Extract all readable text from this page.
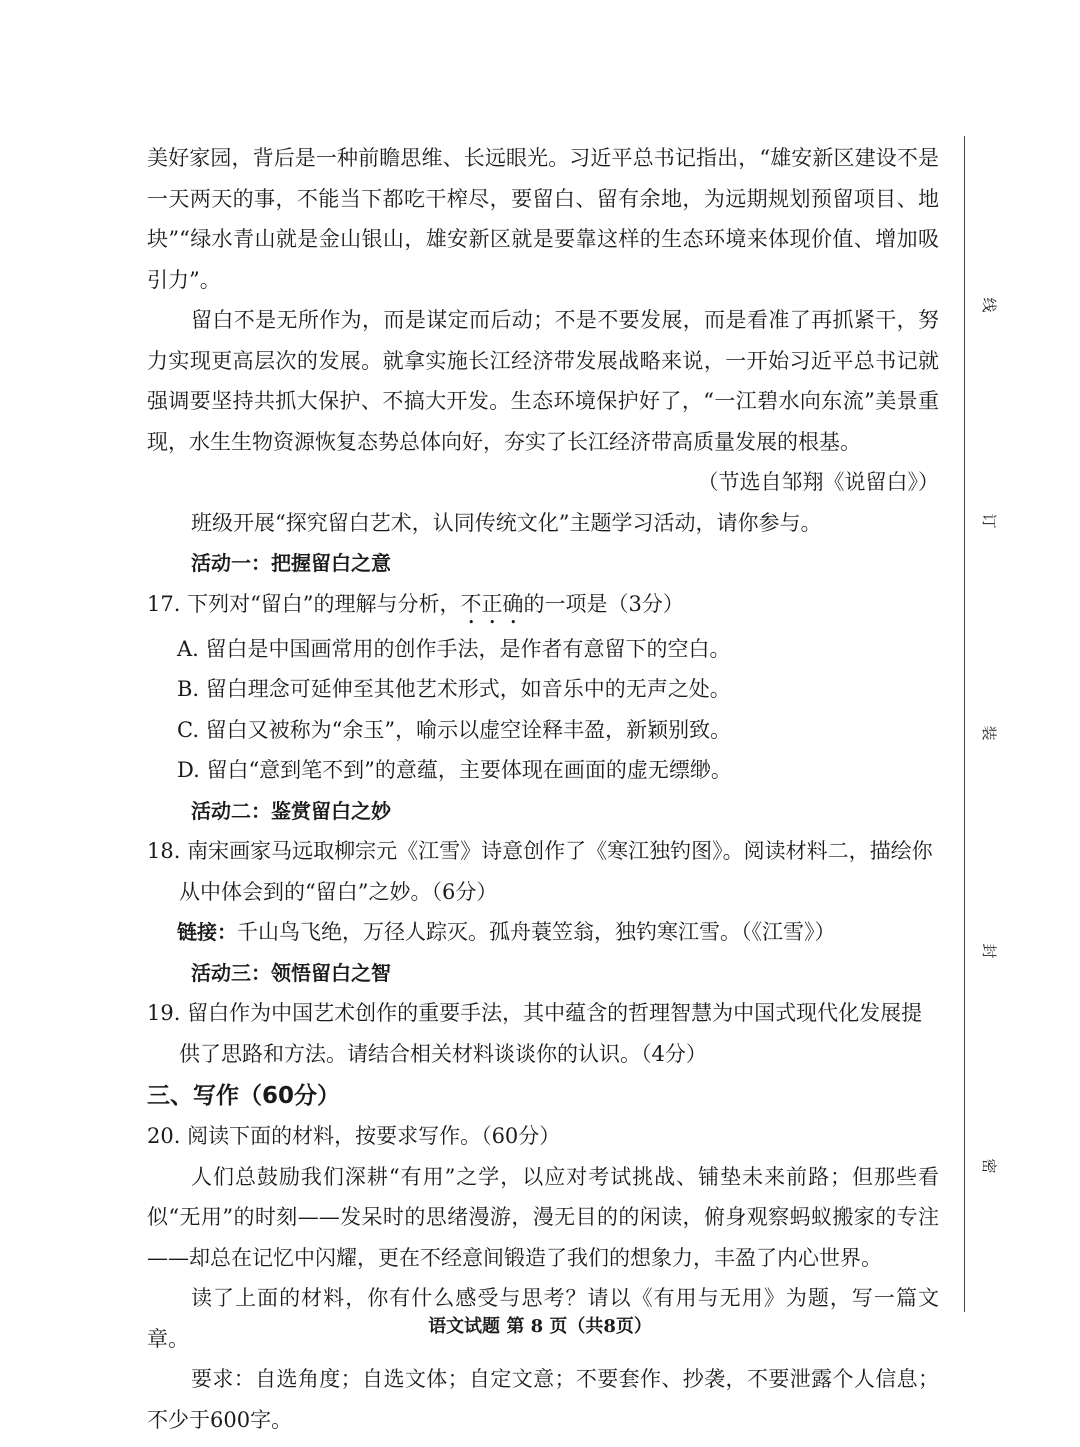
美好家园，背后是一种前瞻思维、长远眼光。习近平总书记指出，“雄安新区建设不是一天两天的事，不能当下都吃干榨尽，要留白、留有余地，为远期规划预留项目、地块”“绿水青山就是金山银山，雄安新区就是要靠这样的生态环境来体现价值、增加吸引力”。

留白不是无所作为，而是谋定而后动；不是不要发展，而是看准了再抓紧干，努力实现更高层次的发展。就拿实施长江经济带发展战略来说，一开始习近平总书记就强调要坚持共抓大保护、不搞大开发。生态环境保护好了，“一江碧水向东流”美景重现，水生生物资源恢复态势总体向好，夯实了长江经济带高质量发展的根基。

（节选自邹翔《说留白》）

班级开展“探究留白艺术，认同传统文化”主题学习活动，请你参与。

活动一：把握留白之意

17. 下列对“留白”的理解与分析，不正确的一项是（3分）

A. 留白是中国画常用的创作手法，是作者有意留下的空白。

B. 留白理念可延伸至其他艺术形式，如音乐中的无声之处。

C. 留白又被称为“余玉”，喻示以虚空诠释丰盈，新颖别致。

D. 留白“意到笔不到”的意蕴，主要体现在画面的虚无缥缈。

活动二：鉴赏留白之妙

18. 南宋画家马远取柳宗元《江雪》诗意创作了《寒江独钓图》。阅读材料二，描绘你从中体会到的“留白”之妙。（6分）

链接：千山鸟飞绝，万径人踪灭。孤舟蓑笠翁，独钓寒江雪。（《江雪》）

活动三：领悟留白之智

19. 留白作为中国艺术创作的重要手法，其中蕴含的哲理智慧为中国式现代化发展提供了思路和方法。请结合相关材料谈谈你的认识。（4分）

三、写作（60分）

20. 阅读下面的材料，按要求写作。（60分）

人们总鼓励我们深耕“有用”之学，以应对考试挑战、铺垫未来前路；但那些看似“无用”的时刻——发呆时的思绪漫游，漫无目的的闲读，俯身观察蚂蚁搬家的专注——却总在记忆中闪耀，更在不经意间锻造了我们的想象力，丰盈了内心世界。

读了上面的材料，你有什么感受与思考？请以《有用与无用》为题，写一篇文章。

要求：自选角度；自选文体；自定文意；不要套作、抄袭，不要泄露个人信息；不少于600字。

线
订
装
封
密
语文试题 第 8 页（共8页）
